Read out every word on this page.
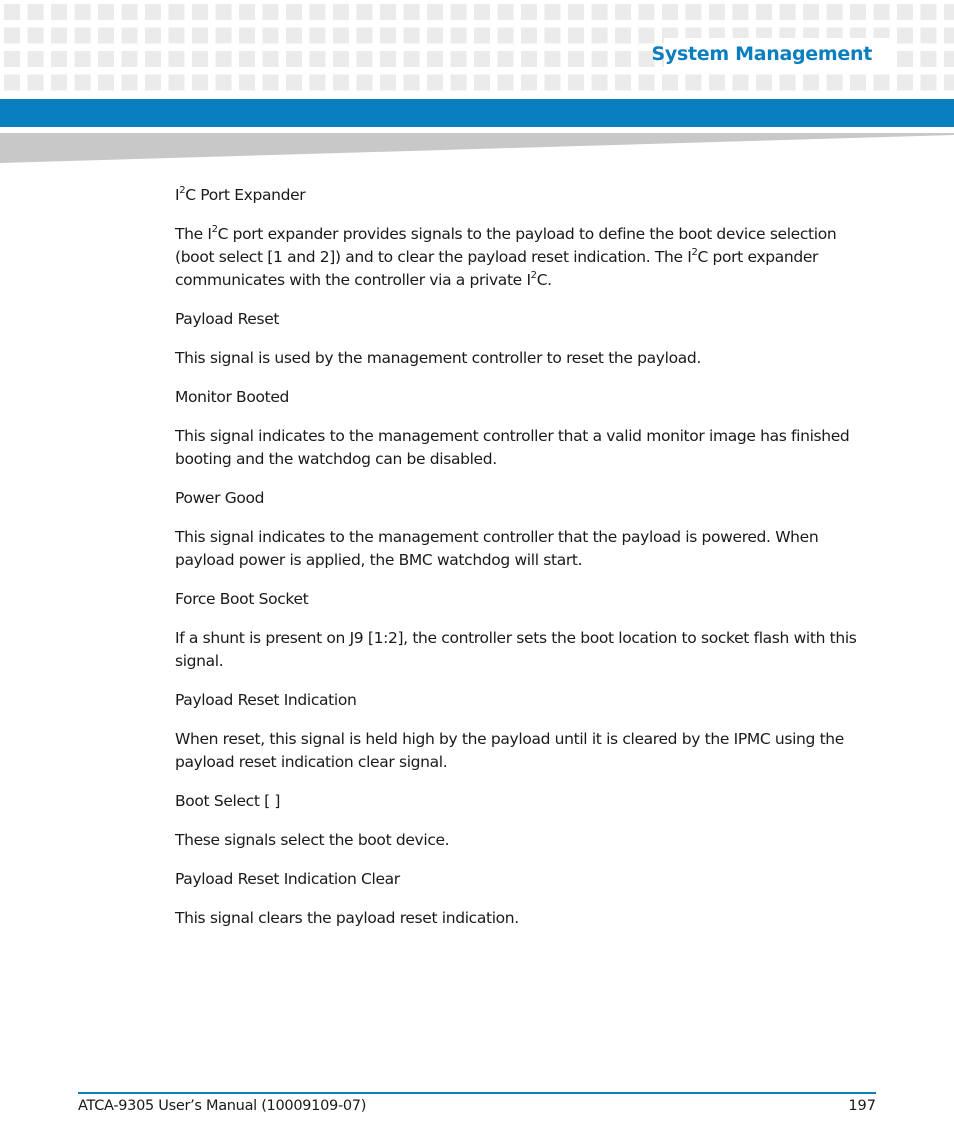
System Management

$I^2C$ Port Expander

The $I^2C$ port expander provides signals to the payload to define the boot device selection (boot select [1 and 2]) and to clear the payload reset indication. The $I^2C$ port expander communicates with the controller via a private $I^2C$.

Payload Reset

This signal is used by the management controller to reset the payload.

Monitor Booted

This signal indicates to the management controller that a valid monitor image has finished booting and the watchdog can be disabled.

Power Good

This signal indicates to the management controller that the payload is powered. When payload power is applied, the BMC watchdog will start.

Force Boot Socket

If a shunt is present on J9 [1:2], the controller sets the boot location to socket flash with this signal.

Payload Reset Indication

When reset, this signal is held high by the payload until it is cleared by the IPMC using the payload reset indication clear signal.

Boot Select [ ]

These signals select the boot device.

Payload Reset Indication Clear

This signal clears the payload reset indication.

ATCA-9305 User’s Manual (10009109-07)	197
